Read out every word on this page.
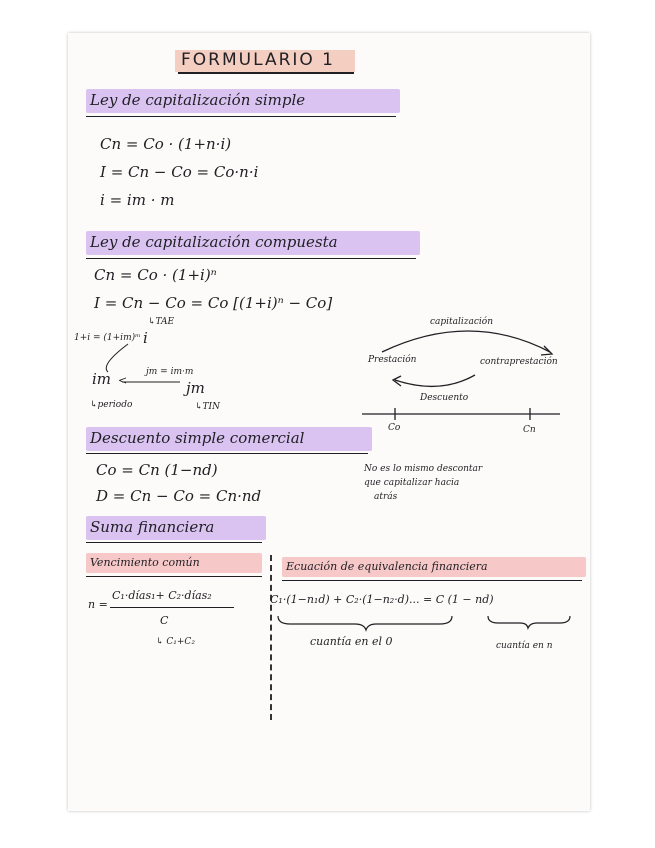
FORMULARIO 1
Ley de capitalización simple
Cn = Co · (1+n·i)
I = Cn − Co = Co·n·i
i = im · m
Ley de capitalización compuesta
Cn = Co · (1+i)ⁿ
I = Cn − Co = Co [(1+i)ⁿ − Co]
↳TAE
1+i = (1+im)ᵐ i
jm = im·m
im <	jm
↳periodo	↳TIN
capitalización
Prestación	contraprestación
Descuento
Co	Cn
Descuento simple comercial
Co = Cn (1−nd)
D = Cn − Co = Cn·nd
No es lo mismo descontar
que capitalizar hacia
atrás
Suma financiera
Vencimiento común	Ecuación de equivalencia financiera
n =
C₁·días₁+ C₂·días₂
C
↳ C₁+C₂
C₁·(1−n₁d) + C₂·(1−n₂·d)... = C (1 − nd)
cuantía en el 0	cuantía en n
